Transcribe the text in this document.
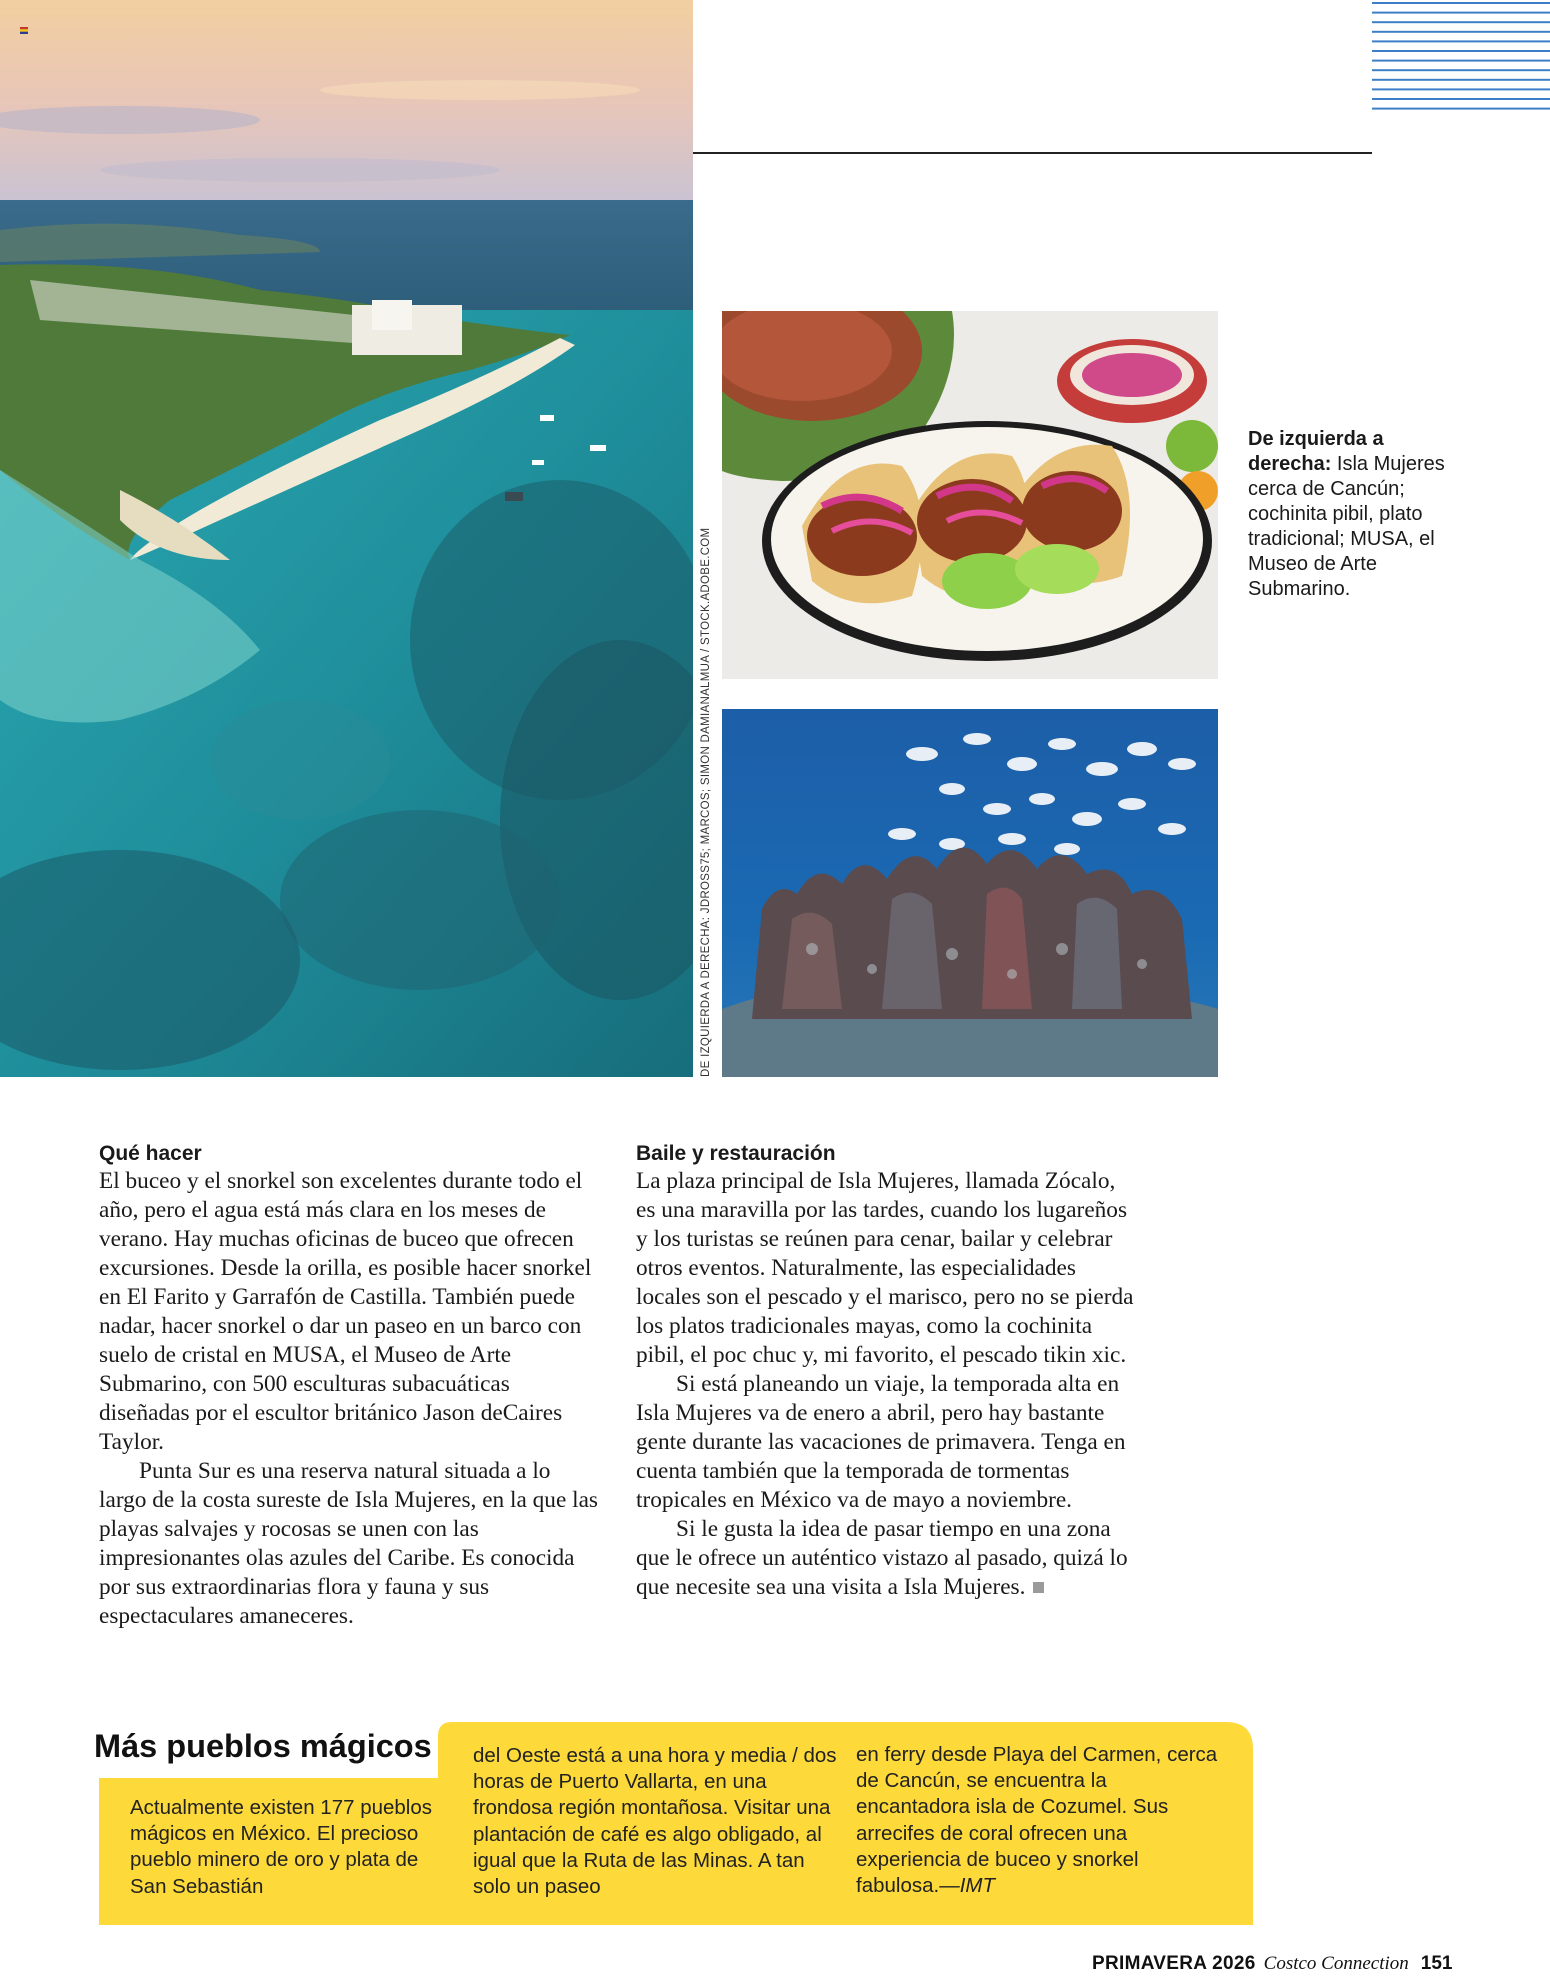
DE IZQUIERDA A DERECHA: JDROSS75; MARCOS; SIMON DAMIANALMUA / STOCK.ADOBE.COM
De izquierda a derecha: Isla Mujeres cerca de Cancún; cochinita pibil, plato tradicional; MUSA, el Museo de Arte Submarino.
Qué hacer

El buceo y el snorkel son excelentes durante todo el año, pero el agua está más clara en los meses de verano. Hay muchas oficinas de buceo que ofrecen excursiones. Desde la orilla, es posible hacer snorkel en El Farito y Garrafón de Castilla. También puede nadar, hacer snorkel o dar un paseo en un barco con suelo de cristal en MUSA, el Museo de Arte Submarino, con 500 esculturas subacuáticas diseñadas por el escultor británico Jason deCaires Taylor.

Punta Sur es una reserva natural situada a lo largo de la costa sureste de Isla Mujeres, en la que las playas salvajes y rocosas se unen con las impresionantes olas azules del Caribe. Es conocida por sus extraordinarias flora y fauna y sus espectaculares amaneceres.

Baile y restauración

La plaza principal de Isla Mujeres, llamada Zócalo, es una maravilla por las tardes, cuando los lugareños y los turistas se reúnen para cenar, bailar y celebrar otros eventos. Naturalmente, las especialidades locales son el pescado y el marisco, pero no se pierda los platos tradicionales mayas, como la cochinita pibil, el poc chuc y, mi favorito, el pescado tikin xic.

Si está planeando un viaje, la temporada alta en Isla Mujeres va de enero a abril, pero hay bastante gente durante las vacaciones de primavera. Tenga en cuenta también que la temporada de tormentas tropicales en México va de mayo a noviembre.

Si le gusta la idea de pasar tiempo en una zona que le ofrece un auténtico vistazo al pasado, quizá lo que necesite sea una visita a Isla Mujeres.

Más pueblos mágicos
Actualmente existen 177 pueblos mágicos en México. El precioso pueblo minero de oro y plata de San Sebastián
del Oeste está a una hora y media / dos horas de Puerto Vallarta, en una frondosa región montañosa. Visitar una plantación de café es algo obligado, al igual que la Ruta de las Minas. A tan solo un paseo
en ferry desde Playa del Carmen, cerca de Cancún, se encuentra la encantadora isla de Cozumel. Sus arrecifes de coral ofrecen una experiencia de buceo y snorkel fabulosa.—IMT
PRIMAVERA 2026 Costco Connection 151
